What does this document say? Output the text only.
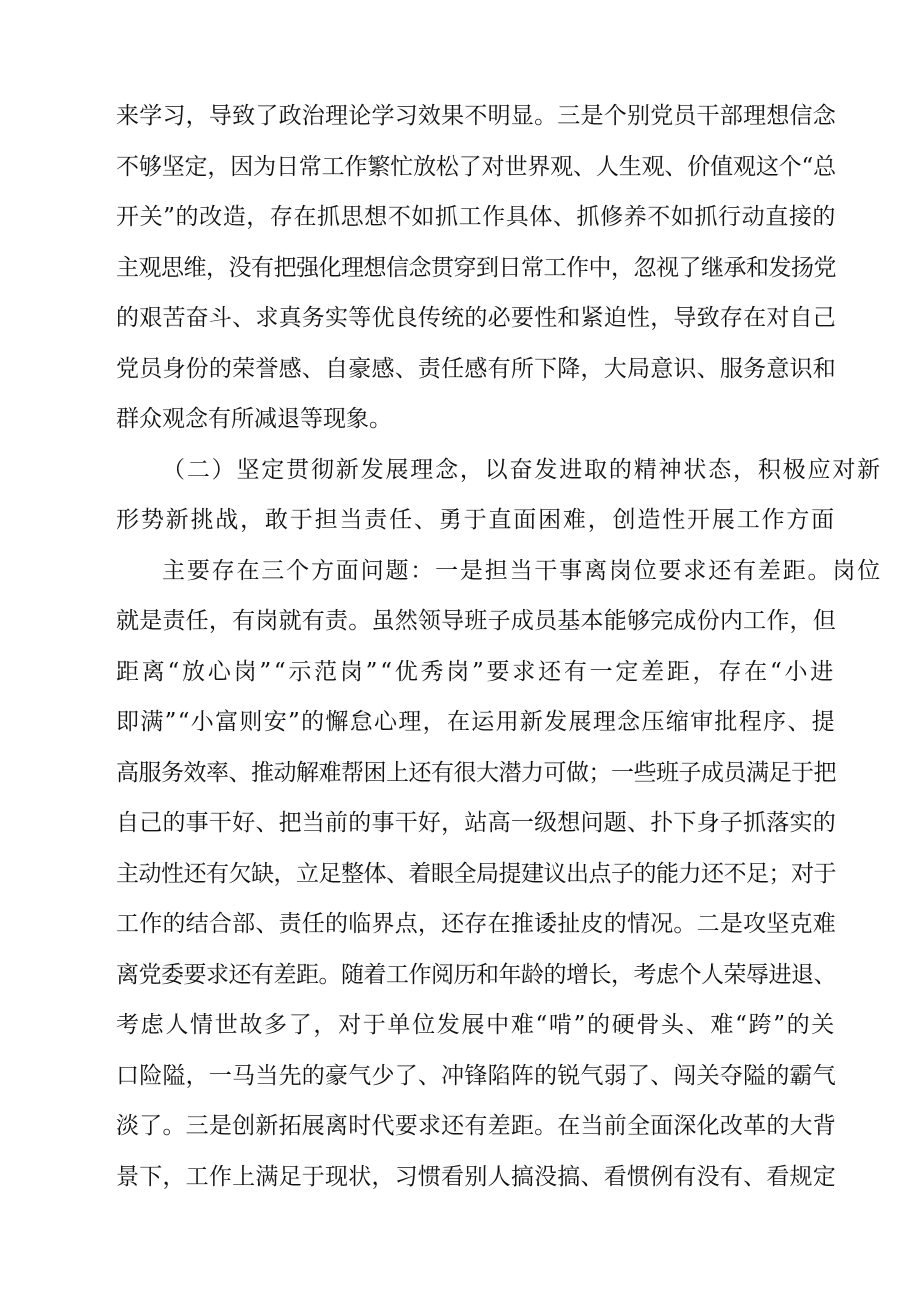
来学习，导致了政治理论学习效果不明显。三是个别党员干部理想信念
不够坚定，因为日常工作繁忙放松了对世界观、人生观、价值观这个“总
开关”的改造，存在抓思想不如抓工作具体、抓修养不如抓行动直接的
主观思维，没有把强化理想信念贯穿到日常工作中，忽视了继承和发扬党
的艰苦奋斗、求真务实等优良传统的必要性和紧迫性，导致存在对自己
党员身份的荣誉感、自豪感、责任感有所下降，大局意识、服务意识和
群众观念有所减退等现象。
（二）坚定贯彻新发展理念，以奋发进取的精神状态，积极应对新
形势新挑战，敢于担当责任、勇于直面困难，创造性开展工作方面
主要存在三个方面问题：一是担当干事离岗位要求还有差距。岗位
就是责任，有岗就有责。虽然领导班子成员基本能够完成份内工作，但
距离“放心岗”“示范岗”“优秀岗”要求还有一定差距，存在“小进
即满”“小富则安”的懈怠心理，在运用新发展理念压缩审批程序、提
高服务效率、推动解难帮困上还有很大潜力可做；一些班子成员满足于把
自己的事干好、把当前的事干好，站高一级想问题、扑下身子抓落实的
主动性还有欠缺，立足整体、着眼全局提建议出点子的能力还不足；对于
工作的结合部、责任的临界点，还存在推诿扯皮的情况。二是攻坚克难
离党委要求还有差距。随着工作阅历和年龄的增长，考虑个人荣辱进退、
考虑人情世故多了，对于单位发展中难“啃”的硬骨头、难“跨”的关
口险隘，一马当先的豪气少了、冲锋陷阵的锐气弱了、闯关夺隘的霸气
淡了。三是创新拓展离时代要求还有差距。在当前全面深化改革的大背
景下，工作上满足于现状，习惯看别人搞没搞、看惯例有没有、看规定
